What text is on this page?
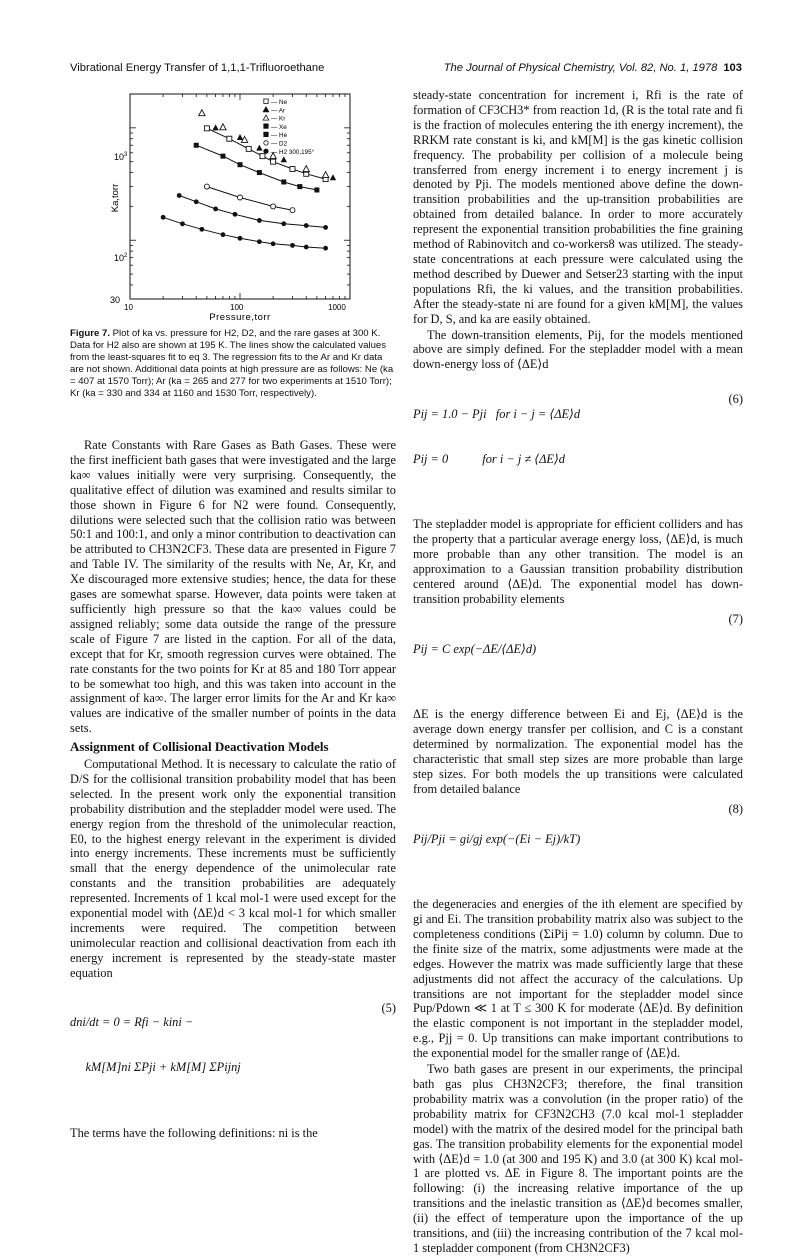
Vibrational Energy Transfer of 1,1,1-Trifluoroethane	The Journal of Physical Chemistry, Vol. 82, No. 1, 1978 103
$10^3$
$10^2$
30
10	100	1000
Pressure,torr
Ka,torr
— Ne
— Ar
— Kr
— Xe
— He
— D2
— H2 300,195°
Figure 7. Plot of ka vs. pressure for H2, D2, and the rare gases at 300 K. Data for H2 also are shown at 195 K. The lines show the calculated values from the least-squares fit to eq 3. The regression fits to the Ar and Kr data are not shown. Additional data points at high pressure are as follows: Ne (ka = 407 at 1570 Torr); Ar (ka = 265 and 277 for two experiments at 1510 Torr); Kr (ka = 330 and 334 at 1160 and 1530 Torr, respectively).

Rate Constants with Rare Gases as Bath Gases. These were the first inefficient bath gases that were investigated and the large ka∞ values initially were very surprising. Consequently, the qualitative effect of dilution was examined and results similar to those shown in Figure 6 for N2 were found. Consequently, dilutions were selected such that the collision ratio was between 50:1 and 100:1, and only a minor contribution to deactivation can be attributed to CH3N2CF3. These data are presented in Figure 7 and Table IV. The similarity of the results with Ne, Ar, Kr, and Xe discouraged more extensive studies; hence, the data for these gases are somewhat sparse. However, data points were taken at sufficiently high pressure so that the ka∞ values could be assigned reliably; some data outside the range of the pressure scale of Figure 7 are listed in the caption. For all of the data, except that for Kr, smooth regression curves were obtained. The rate constants for the two points for Kr at 85 and 180 Torr appear to be somewhat too high, and this was taken into account in the assignment of ka∞. The larger error limits for the Ar and Kr ka∞ values are indicative of the smaller number of points in the data sets.

Assignment of Collisional Deactivation Models

Computational Method. It is necessary to calculate the ratio of D/S for the collisional transition probability model that has been selected. In the present work only the exponential transition probability distribution and the stepladder model were used. The energy region from the threshold of the unimolecular reaction, E0, to the highest energy relevant in the experiment is divided into energy increments. These increments must be sufficiently small that the energy dependence of the unimolecular rate constants and the transition probabilities are adequately represented. Increments of 1 kcal mol-1 were used except for the exponential model with ⟨ΔE⟩d < 3 kcal mol-1 for which smaller increments were required. The competition between unimolecular reaction and collisional deactivation from each ith energy increment is represented by the steady-state master equation

dni/dt = 0 = Rfi − kini −

kM[M]ni ΣPji + kM[M] ΣPijnj

(5)

The terms have the following definitions: ni is the

steady-state concentration for increment i, Rfi is the rate of formation of CF3CH3* from reaction 1d, (R is the total rate and fi is the fraction of molecules entering the ith energy increment), the RRKM rate constant is ki, and kM[M] is the gas kinetic collision frequency. The probability per collision of a molecule being transferred from energy increment i to energy increment j is denoted by Pji. The models mentioned above define the down-transition probabilities and the up-transition probabilities are obtained from detailed balance. In order to more accurately represent the exponential transition probabilities the fine graining method of Rabinovitch and co-workers8 was utilized. The steady-state concentrations at each pressure were calculated using the method described by Duewer and Setser23 starting with the input populations Rfi, the ki values, and the transition probabilities. After the steady-state ni are found for a given kM[M], the values for D, S, and ka are easily obtained.

The down-transition elements, Pij, for the models mentioned above are simply defined. For the stepladder model with a mean down-energy loss of ⟨ΔE⟩d

Pij = 1.0 − Pji   for i − j = ⟨ΔE⟩d

Pij = 0           for i − j ≠ ⟨ΔE⟩d

(6)

The stepladder model is appropriate for efficient colliders and has the property that a particular average energy loss, ⟨ΔE⟩d, is much more probable than any other transition. The model is an approximation to a Gaussian transition probability distribution centered around ⟨ΔE⟩d. The exponential model has down-transition probability elements

Pij = C exp(−ΔE/⟨ΔE⟩d)

(7)

ΔE is the energy difference between Ei and Ej, ⟨ΔE⟩d is the average down energy transfer per collision, and C is a constant determined by normalization. The exponential model has the characteristic that small step sizes are more probable than large step sizes. For both models the up transitions were calculated from detailed balance

Pij/Pji = gi/gj exp(−(Ei − Ej)/kT)

(8)

the degeneracies and energies of the ith element are specified by gi and Ei. The transition probability matrix also was subject to the completeness conditions (ΣiPij = 1.0) column by column. Due to the finite size of the matrix, some adjustments were made at the edges. However the matrix was made sufficiently large that these adjustments did not affect the accuracy of the calculations. Up transitions are not important for the stepladder model since Pup/Pdown ≪ 1 at T ≤ 300 K for moderate ⟨ΔE⟩d. By definition the elastic component is not important in the stepladder model, e.g., Pjj = 0. Up transitions can make important contributions to the exponential model for the smaller range of ⟨ΔE⟩d.

Two bath gases are present in our experiments, the principal bath gas plus CH3N2CF3; therefore, the final transition probability matrix was a convolution (in the proper ratio) of the probability matrix for CF3N2CH3 (7.0 kcal mol-1 stepladder model) with the matrix of the desired model for the principal bath gas. The transition probability elements for the exponential model with ⟨ΔE⟩d = 1.0 (at 300 and 195 K) and 3.0 (at 300 K) kcal mol-1 are plotted vs. ΔE in Figure 8. The important points are the following: (i) the increasing relative importance of the up transitions and the inelastic transition as ⟨ΔE⟩d becomes smaller, (ii) the effect of temperature upon the importance of the up transitions, and (iii) the increasing contribution of the 7 kcal mol-1 stepladder component (from CH3N2CF3)
